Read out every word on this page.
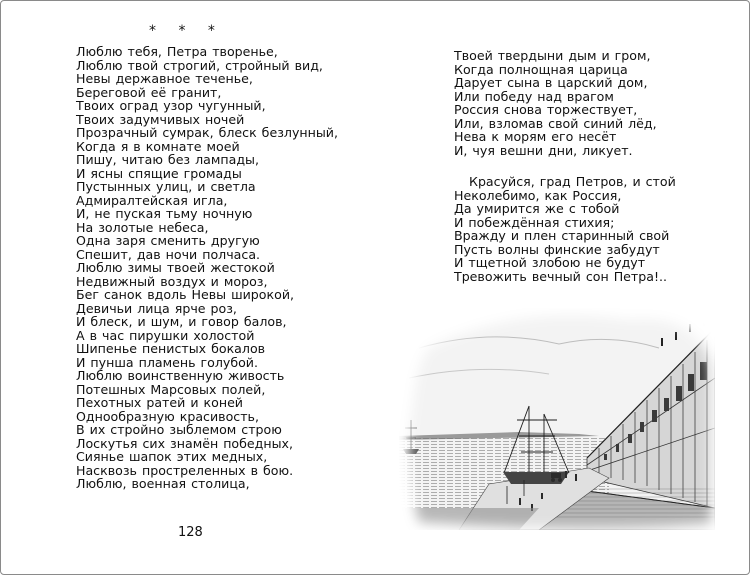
* * *
Люблю тебя, Петра творенье,
Люблю твой строгий, стройный вид,
Невы державное теченье,
Береговой её гранит,
Твоих оград узор чугунный,
Твоих задумчивых ночей
Прозрачный сумрак, блеск безлунный,
Когда я в комнате моей
Пишу, читаю без лампады,
И ясны спящие громады
Пустынных улиц, и светла
Адмиралтейская игла,
И, не пуская тьму ночную
На золотые небеса,
Одна заря сменить другую
Спешит, дав ночи полчаса.
Люблю зимы твоей жестокой
Недвижный воздух и мороз,
Бег санок вдоль Невы широкой,
Девичьи лица ярче роз,
И блеск, и шум, и говор балов,
А в час пирушки холостой
Шипенье пенистых бокалов
И пунша пламень голубой.
Люблю воинственную живость
Потешных Марсовых полей,
Пехотных ратей и коней
Однообразную красивость,
В их стройно зыблемом строю
Лоскутья сих знамён победных,
Сиянье шапок этих медных,
Насквозь простреленных в бою.
Люблю, военная столица,
Твоей твердыни дым и гром,
Когда полнощная царица
Дарует сына в царский дом,
Или победу над врагом
Россия снова торжествует,
Или, взломав свой синий лёд,
Нева к морям его несёт
И, чуя вешни дни, ликует.
Красуйся, град Петров, и стой
Неколебимо, как Россия,
Да умирится же с тобой
И побеждённая стихия;
Вражду и плен старинный свой
Пусть волны финские забудут
И тщетной злобою не будут
Тревожить вечный сон Петра!..
128
